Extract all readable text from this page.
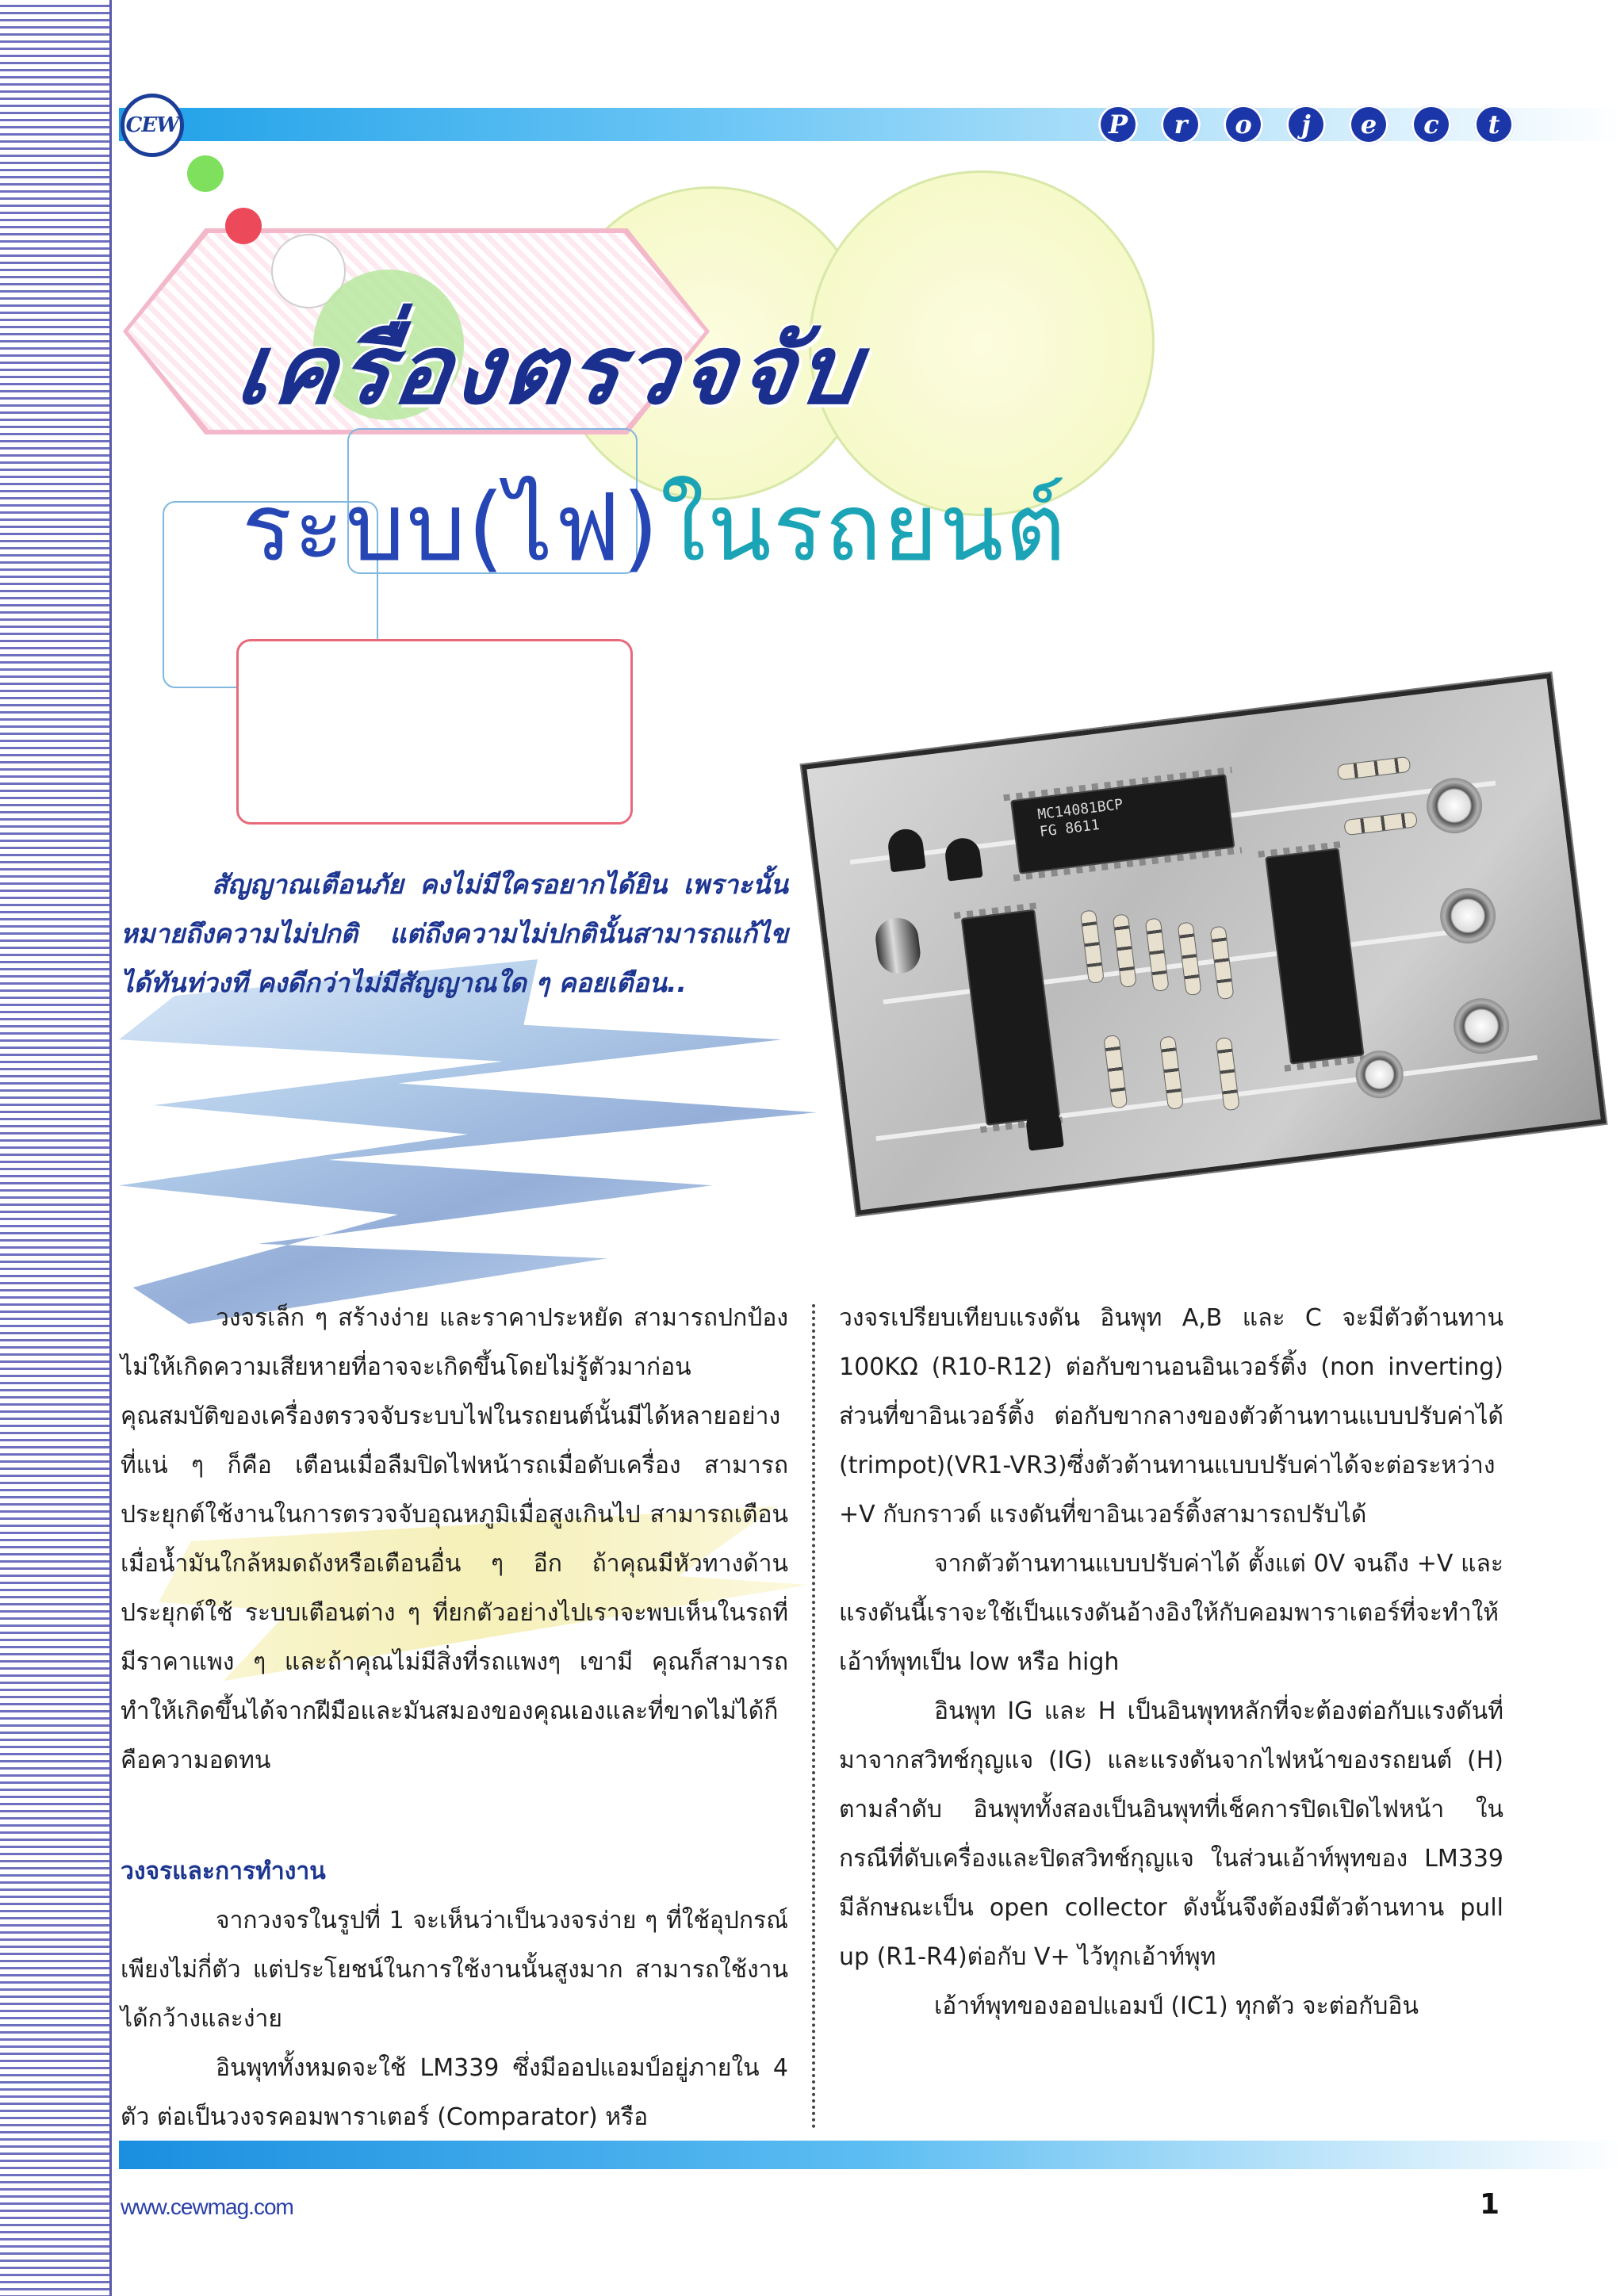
CEW	P	r	o	j	e	c	t
เครื่องตรวจจับ
ระบบ(ไฟ)ในรถยนต์

สัญญาณเตือนภัย คงไม่มีใครอยากได้ยิน เพราะนั้นหมายถึงความไม่ปกติ แต่ถึงความไม่ปกตินั้นสามารถแก้ไขได้ทันท่วงที คงดีกว่าไม่มีสัญญาณใด ๆ คอยเตือน..

MC14081BCP
FG 8611

วงจรเล็ก ๆ สร้างง่าย และราคาประหยัด สามารถปกป้องไม่ให้เกิดความเสียหายที่อาจจะเกิดขึ้นโดยไม่รู้ตัวมาก่อน คุณสมบัติของเครื่องตรวจจับระบบไฟในรถยนต์นั้นมีได้หลายอย่าง ที่แน่ ๆ ก็คือ เตือนเมื่อลืมปิดไฟหน้ารถเมื่อดับเครื่อง สามารถประยุกต์ใช้งานในการตรวจจับอุณหภูมิเมื่อสูงเกินไป สามารถเตือนเมื่อน้ำมันใกล้หมดถังหรือเตือนอื่น ๆ อีก ถ้าคุณมีหัวทางด้านประยุกต์ใช้ ระบบเตือนต่าง ๆ ที่ยกตัวอย่างไปเราจะพบเห็นในรถที่มีราคาแพง ๆ และถ้าคุณไม่มีสิ่งที่รถแพงๆ เขามี คุณก็สามารถทำให้เกิดขึ้นได้จากฝีมือและมันสมองของคุณเองและที่ขาดไม่ได้ก็คือความอดทน

วงจรและการทำงาน

จากวงจรในรูปที่ 1 จะเห็นว่าเป็นวงจรง่าย ๆ ที่ใช้อุปกรณ์เพียงไม่กี่ตัว แต่ประโยชน์ในการใช้งานนั้นสูงมาก สามารถใช้งานได้กว้างและง่าย

อินพุททั้งหมดจะใช้ LM339 ซึ่งมีออปแอมป์อยู่ภายใน 4 ตัว ต่อเป็นวงจรคอมพาราเตอร์ (Comparator) หรือ

วงจรเปรียบเทียบแรงดัน อินพุท A,B และ C จะมีตัวต้านทาน 100KΩ (R10-R12) ต่อกับขานอนอินเวอร์ติ้ง (non inverting) ส่วนที่ขาอินเวอร์ติ้ง ต่อกับขากลางของตัวต้านทานแบบปรับค่าได้ (trimpot)(VR1-VR3)ซึ่งตัวต้านทานแบบปรับค่าได้จะต่อระหว่าง +V กับกราวด์ แรงดันที่ขาอินเวอร์ติ้งสามารถปรับได้

จากตัวต้านทานแบบปรับค่าได้ ตั้งแต่ 0V จนถึง +V และแรงดันนี้เราจะใช้เป็นแรงดันอ้างอิงให้กับคอมพาราเตอร์ที่จะทำให้เอ้าท์พุทเป็น low หรือ high

อินพุท IG และ H เป็นอินพุทหลักที่จะต้องต่อกับแรงดันที่มาจากสวิทช์กุญแจ (IG) และแรงดันจากไฟหน้าของรถยนต์ (H) ตามลำดับ อินพุททั้งสองเป็นอินพุทที่เช็คการปิดเปิดไฟหน้า ในกรณีที่ดับเครื่องและปิดสวิทช์กุญแจ ในส่วนเอ้าท์พุทของ LM339 มีลักษณะเป็น open collector ดังนั้นจึงต้องมีตัวต้านทาน pull up (R1-R4)ต่อกับ V+ ไว้ทุกเอ้าท์พุท

เอ้าท์พุทของออปแอมป์ (IC1) ทุกตัว จะต่อกับอิน

www.cewmag.com	1
